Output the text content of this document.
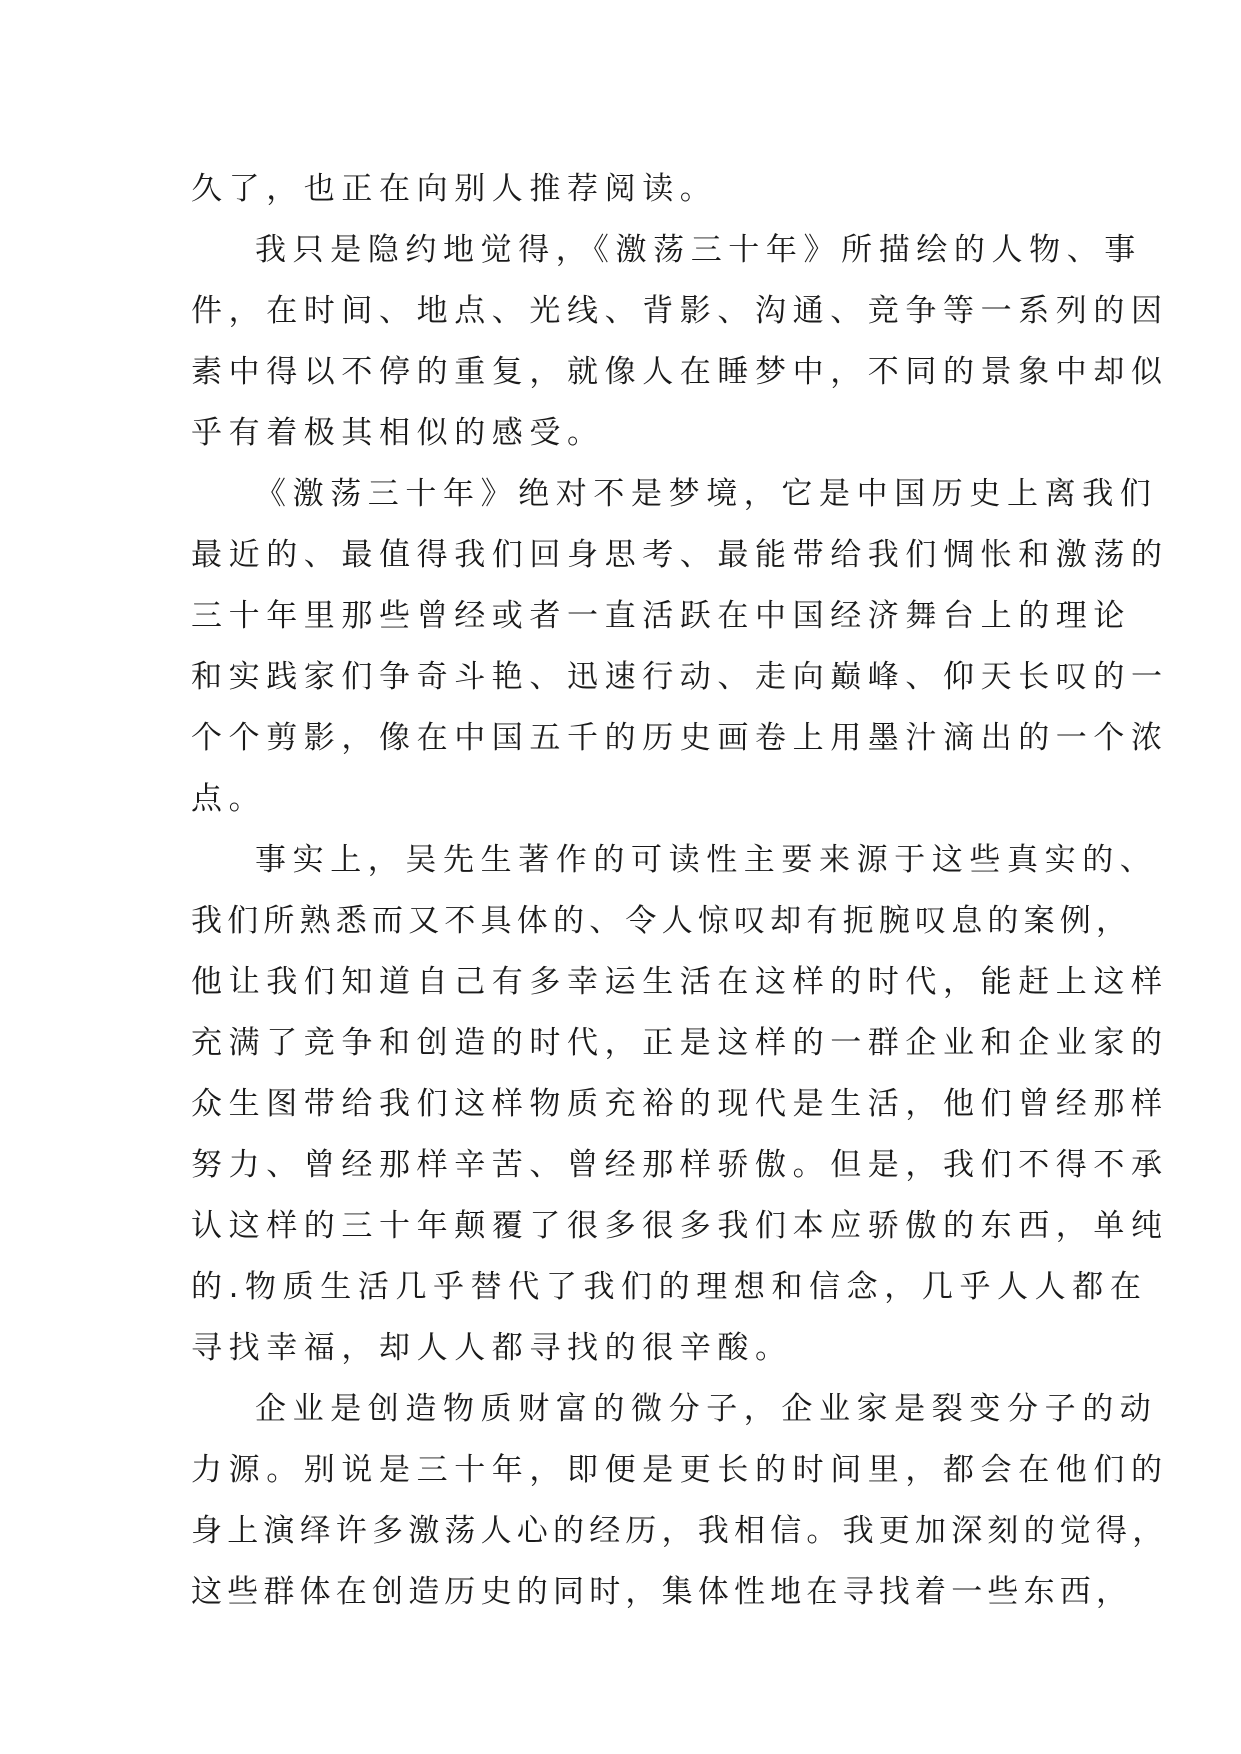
久了，也正在向别人推荐阅读。
我只是隐约地觉得，《激荡三十年》所描绘的人物、事
件，在时间、地点、光线、背影、沟通、竞争等一系列的因
素中得以不停的重复，就像人在睡梦中，不同的景象中却似
乎有着极其相似的感受。
《激荡三十年》绝对不是梦境，它是中国历史上离我们
最近的、最值得我们回身思考、最能带给我们惆怅和激荡的
三十年里那些曾经或者一直活跃在中国经济舞台上的理论
和实践家们争奇斗艳、迅速行动、走向巅峰、仰天长叹的一
个个剪影，像在中国五千的历史画卷上用墨汁滴出的一个浓
点。
事实上，吴先生著作的可读性主要来源于这些真实的、
我们所熟悉而又不具体的、令人惊叹却有扼腕叹息的案例，
他让我们知道自己有多幸运生活在这样的时代，能赶上这样
充满了竞争和创造的时代，正是这样的一群企业和企业家的
众生图带给我们这样物质充裕的现代是生活，他们曾经那样
努力、曾经那样辛苦、曾经那样骄傲。但是，我们不得不承
认这样的三十年颠覆了很多很多我们本应骄傲的东西，单纯
的.物质生活几乎替代了我们的理想和信念，几乎人人都在
寻找幸福，却人人都寻找的很辛酸。
企业是创造物质财富的微分子，企业家是裂变分子的动
力源。别说是三十年，即便是更长的时间里，都会在他们的
身上演绎许多激荡人心的经历，我相信。我更加深刻的觉得，
这些群体在创造历史的同时，集体性地在寻找着一些东西，
